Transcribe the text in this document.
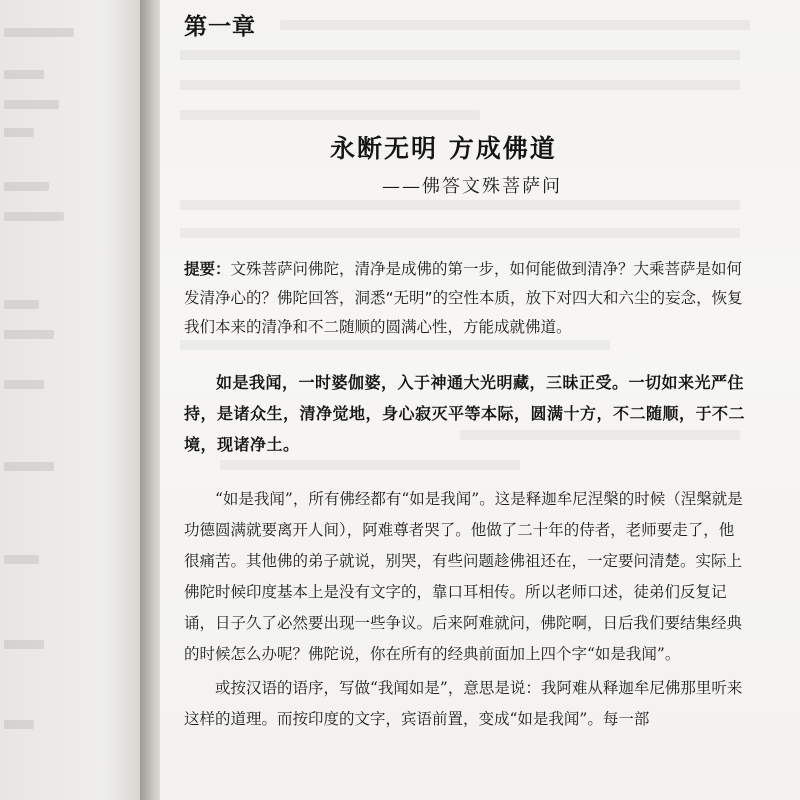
第一章
永断无明 方成佛道
——佛答文殊菩萨问
提要：文殊菩萨问佛陀，清净是成佛的第一步，如何能做到清净？大乘菩萨是如何发清净心的？佛陀回答，洞悉“无明”的空性本质，放下对四大和六尘的妄念，恢复我们本来的清净和不二随顺的圆满心性，方能成就佛道。
如是我闻，一时婆伽婆，入于神通大光明藏，三昧正受。一切如来光严住持，是诸众生，清净觉地，身心寂灭平等本际，圆满十方，不二随顺，于不二境，现诸净土。

“如是我闻”，所有佛经都有“如是我闻”。这是释迦牟尼涅槃的时候（涅槃就是功德圆满就要离开人间），阿难尊者哭了。他做了二十年的侍者，老师要走了，他很痛苦。其他佛的弟子就说，别哭，有些问题趁佛祖还在，一定要问清楚。实际上佛陀时候印度基本上是没有文字的，靠口耳相传。所以老师口述，徒弟们反复记诵，日子久了必然要出现一些争议。后来阿难就问，佛陀啊，日后我们要结集经典的时候怎么办呢？佛陀说，你在所有的经典前面加上四个字“如是我闻”。

或按汉语的语序，写做“我闻如是”，意思是说：我阿难从释迦牟尼佛那里听来这样的道理。而按印度的文字，宾语前置，变成“如是我闻”。每一部
